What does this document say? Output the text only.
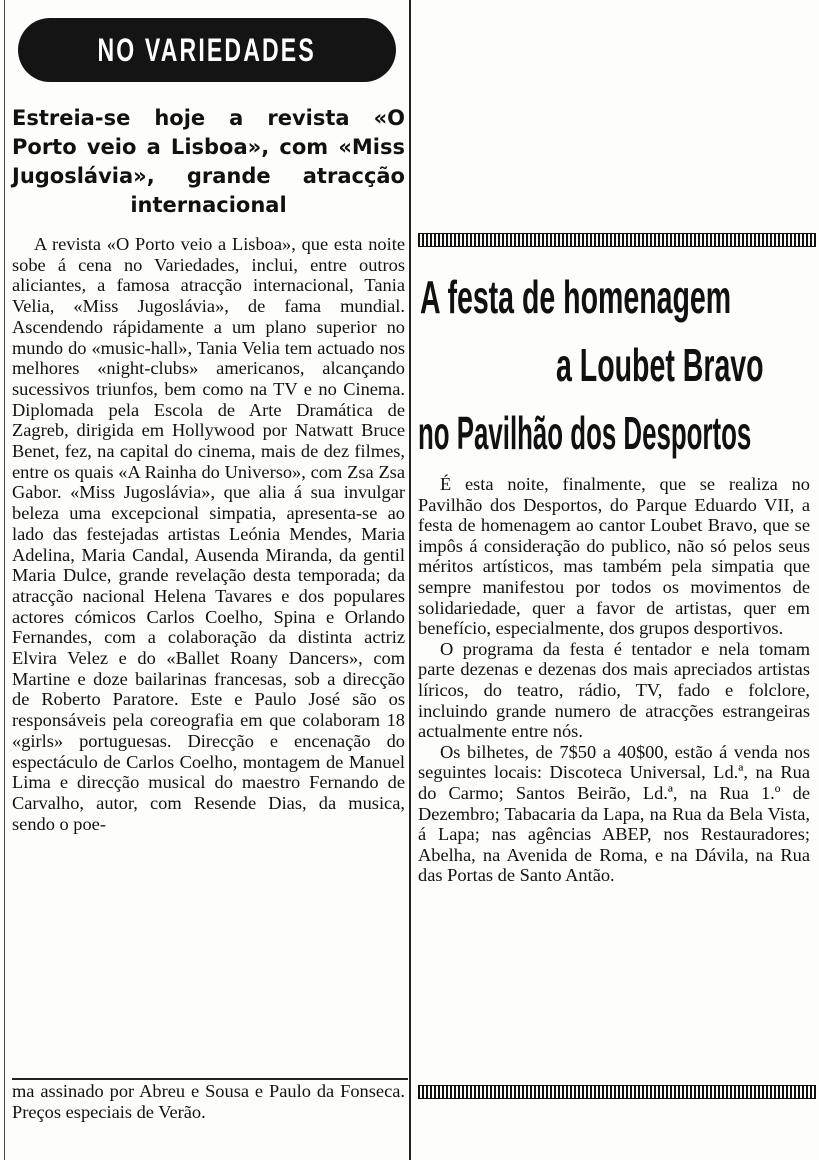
NO VARIEDADES
Estreia-se hoje a revista «O Porto veio a Lisboa», com «Miss Jugoslávia», grande atracção internacional

A revista «O Porto veio a Lisboa», que esta noite sobe á cena no Variedades, inclui, entre outros aliciantes, a famosa atracção internacional, Tania Velia, «Miss Jugoslávia», de fama mundial. Ascendendo rápidamente a um plano superior no mundo do «music-hall», Tania Velia tem actuado nos melhores «night-clubs» americanos, alcançando sucessivos triunfos, bem como na TV e no Cinema. Diplomada pela Escola de Arte Dramática de Zagreb, dirigida em Hollywood por Natwatt Bruce Benet, fez, na capital do cinema, mais de dez filmes, entre os quais «A Rainha do Universo», com Zsa Zsa Gabor. «Miss Jugoslávia», que alia á sua invulgar beleza uma excepcional simpatia, apresenta-se ao lado das festejadas artistas Leónia Mendes, Maria Adelina, Maria Candal, Ausenda Miranda, da gentil Maria Dulce, grande revelação desta temporada; da atracção nacional Helena Tavares e dos populares actores cómicos Carlos Coelho, Spina e Orlando Fernandes, com a colaboração da distinta actriz Elvira Velez e do «Ballet Roany Dancers», com Martine e doze bailarinas francesas, sob a direcção de Roberto Paratore. Este e Paulo José são os responsáveis pela coreografia em que colaboram 18 «girls» portuguesas. Direcção e encenação do espectáculo de Carlos Coelho, montagem de Manuel Lima e direcção musical do maestro Fernando de Carvalho, autor, com Resende Dias, da musica, sendo o poe-

ma assinado por Abreu e Sousa e Paulo da Fonseca. Preços especiais de Verão.

A festa de homenagem
a Loubet Bravo
no Pavilhão dos Desportos

É esta noite, finalmente, que se realiza no Pavilhão dos Desportos, do Parque Eduardo VII, a festa de homenagem ao cantor Loubet Bravo, que se impôs á consideração do publico, não só pelos seus méritos artísticos, mas também pela simpatia que sempre manifestou por todos os movimentos de solidariedade, quer a favor de artistas, quer em benefício, especialmente, dos grupos desportivos.

O programa da festa é tentador e nela tomam parte dezenas e dezenas dos mais apreciados artistas líricos, do teatro, rádio, TV, fado e folclore, incluindo grande numero de atracções estrangeiras actualmente entre nós.

Os bilhetes, de 7$50 a 40$00, estão á venda nos seguintes locais: Discoteca Universal, Ld.ª, na Rua do Carmo; Santos Beirão, Ld.ª, na Rua 1.º de Dezembro; Tabacaria da Lapa, na Rua da Bela Vista, á Lapa; nas agências ABEP, nos Restauradores; Abelha, na Avenida de Roma, e na Dávila, na Rua das Portas de Santo Antão.
